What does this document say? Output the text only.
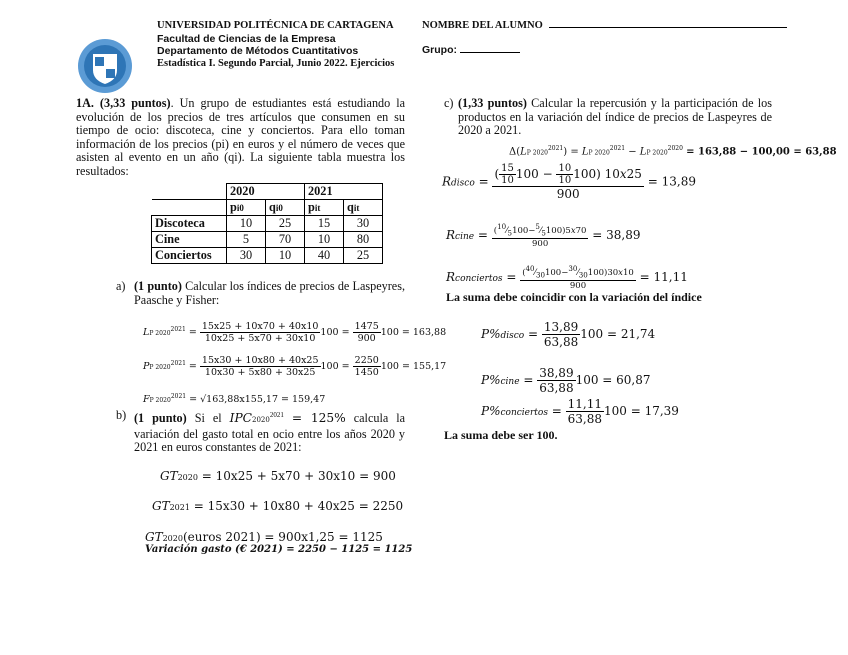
UNIVERSIDAD POLITÉCNICA DE CARTAGENA
Facultad de Ciencias de la Empresa
Departamento de Métodos Cuantitativos
Estadística I. Segundo Parcial, Junio 2022. Ejercicios
NOMBRE DEL ALUMNO
Grupo:
1A. (3,33 puntos). Un grupo de estudiantes está estudiando la evolución de los precios de tres artículos que consumen en su tiempo de ocio: discoteca, cine y conciertos. Para ello toman información de los precios (pi) en euros y el número de veces que asisten al evento en un año (qi). La siguiente tabla muestra los resultados:
	2020		2021	
	pi0	qi0	pit	qit
Discoteca	10	25	15	30
Cine	5	70	10	80
Conciertos	30	10	40	25
a) (1 punto) Calcular los índices de precios de Laspeyres, Paasche y Fisher:
LP $2020^{2021} = \frac{15x25 + 10x70 + 40x10}{10x25 + 5x70 + 30x10} 100 = \frac{1475}{900} 100 = 163,88$
PP $2020^{2021} = \frac{15x30 + 10x80 + 40x25}{10x30 + 5x80 + 30x25} 100 = \frac{2250}{1450} 100 = 155,17$
FP $2020^{2021} = √163,88x155,17 = 159,47$
b) (1 punto) Si el $IPC2020^{2021} = 125\%$ calcula la variación del gasto total en ocio entre los años 2020 y 2021 en euros constantes de 2021:
GT2020 = 10x25 + 5x70 + 30x10 = 900
GT2021 = 15x30 + 10x80 + 40x25 = 2250
GT2020(euros 2021) = 900x1,25 = 1125
Variación gasto (€ 2021) = 2250 − 1125 = 1125
c) (1,33 puntos) Calcular la repercusión y la participación de los productos en la variación del índice de precios de Laspeyres de 2020 a 2021.
Δ(LP $2020^{2021}$) = LP $2020^{2021}$ − LP $2020^{2020} = 163,88 - 100,00 = 63,88$
Rdisco = $\frac{( \frac{15}{10} 100 - \frac{10}{10} 100) 10x25}{900} = 13,89$
Rcine = $\frac{(^{10}⁄_5100-^5⁄_5100)5x70}{900} = 38,89$
Rconciertos = $\frac{(^{40}⁄_{30}100-^{30}⁄_{30}100)30x10}{900} = 11,11$
La suma debe coincidir con la variación del índice
P%disco = $\frac{13,89}{63,88} 100 = 21,74$
P%cine = $\frac{38,89}{63,88} 100 = 60,87$
P%conciertos = $\frac{11,11}{63,88} 100 = 17,39$
La suma debe ser 100.
